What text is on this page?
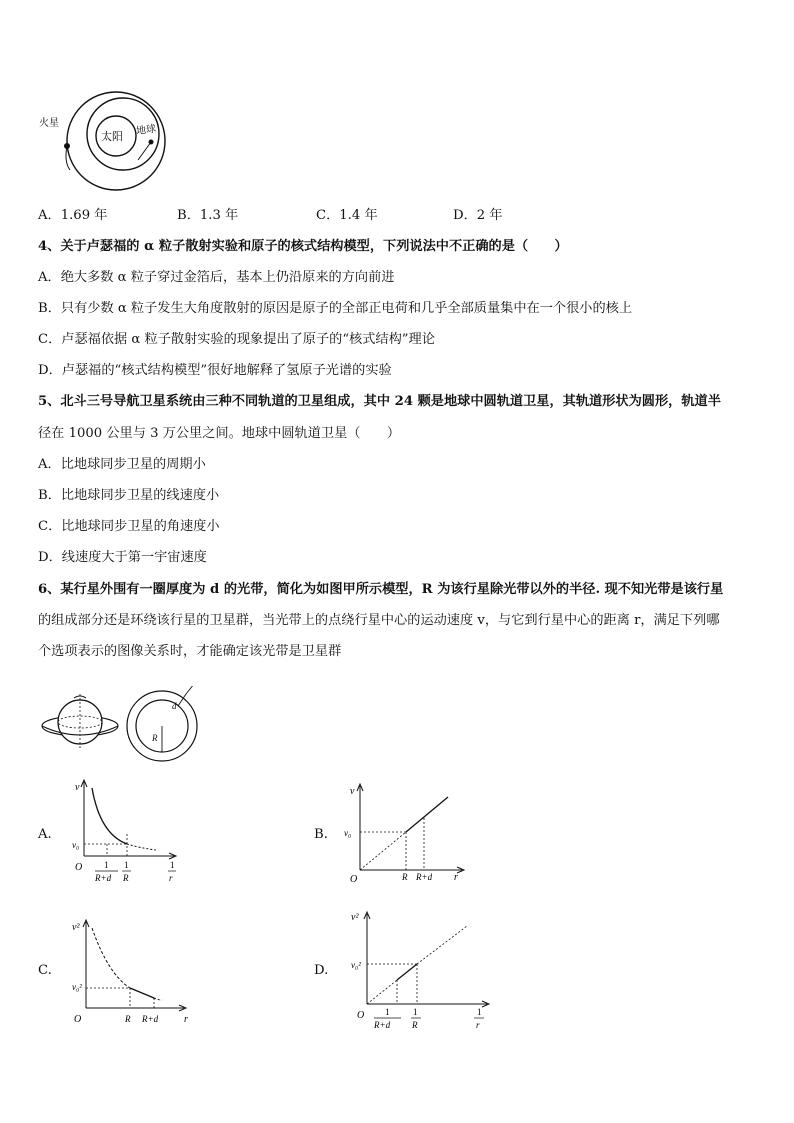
火星
太阳 地球
A．1.69 年	B．1.3 年	C．1.4 年	D．2 年
4、关于卢瑟福的 α 粒子散射实验和原子的核式结构模型，下列说法中不正确的是（　　）
A．绝大多数 α 粒子穿过金箔后，基本上仍沿原来的方向前进
B．只有少数 α 粒子发生大角度散射的原因是原子的全部正电荷和几乎全部质量集中在一个很小的核上
C．卢瑟福依据 α 粒子散射实验的现象提出了原子的“核式结构”理论
D．卢瑟福的“核式结构模型”很好地解释了氢原子光谱的实验
5、北斗三号导航卫星系统由三种不同轨道的卫星组成，其中 24 颗是地球中圆轨道卫星，其轨道形状为圆形，轨道半
径在 1000 公里与 3 万公里之间。地球中圆轨道卫星（　　）
A．比地球同步卫星的周期小
B．比地球同步卫星的线速度小
C．比地球同步卫星的角速度小
D．线速度大于第一宇宙速度
6、某行星外围有一圈厚度为 d 的光带，简化为如图甲所示模型，R 为该行星除光带以外的半径. 现不知光带是该行星
的组成部分还是环绕该行星的卫星群，当光带上的点绕行星中心的运动速度 v，与它到行星中心的距离 r，满足下列哪
个选项表示的图像关系时，才能确定该光带是卫星群
d
R
A.	B.
C.	D.
v
v₀
O 1
R+d
1
R
1
r
v
v₀
O	R R+d r
v²
v₀²
O	R R+d	r
v²
v₀²
O 1
R+d
1
R
1
r
